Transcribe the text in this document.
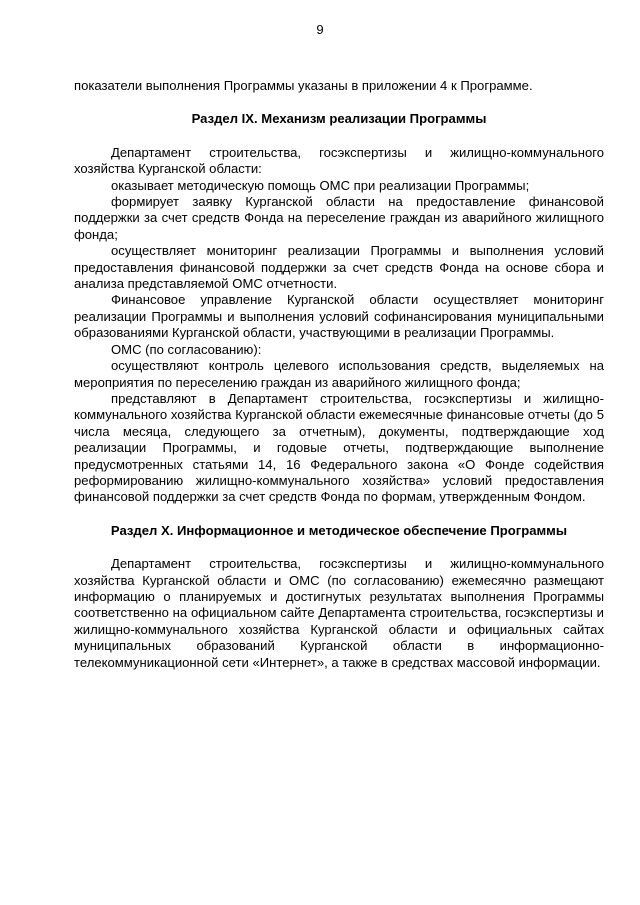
9

показатели выполнения Программы указаны в приложении 4 к Программе.

Раздел IX. Механизм реализации Программы

Департамент строительства, госэкспертизы и жилищно-коммунального хозяйства Курганской области:

оказывает методическую помощь ОМС при реализации Программы;

формирует заявку Курганской области на предоставление финансовой поддержки за счет средств Фонда на переселение граждан из аварийного жилищного фонда;

осуществляет мониторинг реализации Программы и выполнения условий предоставления финансовой поддержки за счет средств Фонда на основе сбора и анализа представляемой ОМС отчетности.

Финансовое управление Курганской области осуществляет мониторинг реализации Программы и выполнения условий софинансирования муниципальными образованиями Курганской области, участвующими в реализации Программы.

ОМС (по согласованию):

осуществляют контроль целевого использования средств, выделяемых на мероприятия по переселению граждан из аварийного жилищного фонда;

представляют в Департамент строительства, госэкспертизы и жилищно-коммунального хозяйства Курганской области ежемесячные финансовые отчеты (до 5 числа месяца, следующего за отчетным), документы, подтверждающие ход реализации Программы, и годовые отчеты, подтверждающие выполнение предусмотренных статьями 14, 16 Федерального закона «О Фонде содействия реформированию жилищно-коммунального хозяйства» условий предоставления финансовой поддержки за счет средств Фонда по формам, утвержденным Фондом.

Раздел X. Информационное и методическое обеспечение Программы

Департамент строительства, госэкспертизы и жилищно-коммунального хозяйства Курганской области и ОМС (по согласованию) ежемесячно размещают информацию о планируемых и достигнутых результатах выполнения Программы соответственно на официальном сайте Департамента строительства, госэкспертизы и жилищно-коммунального хозяйства Курганской области и официальных сайтах муниципальных образований Курганской области в информационно-телекоммуникационной сети «Интернет», а также в средствах массовой информации.
